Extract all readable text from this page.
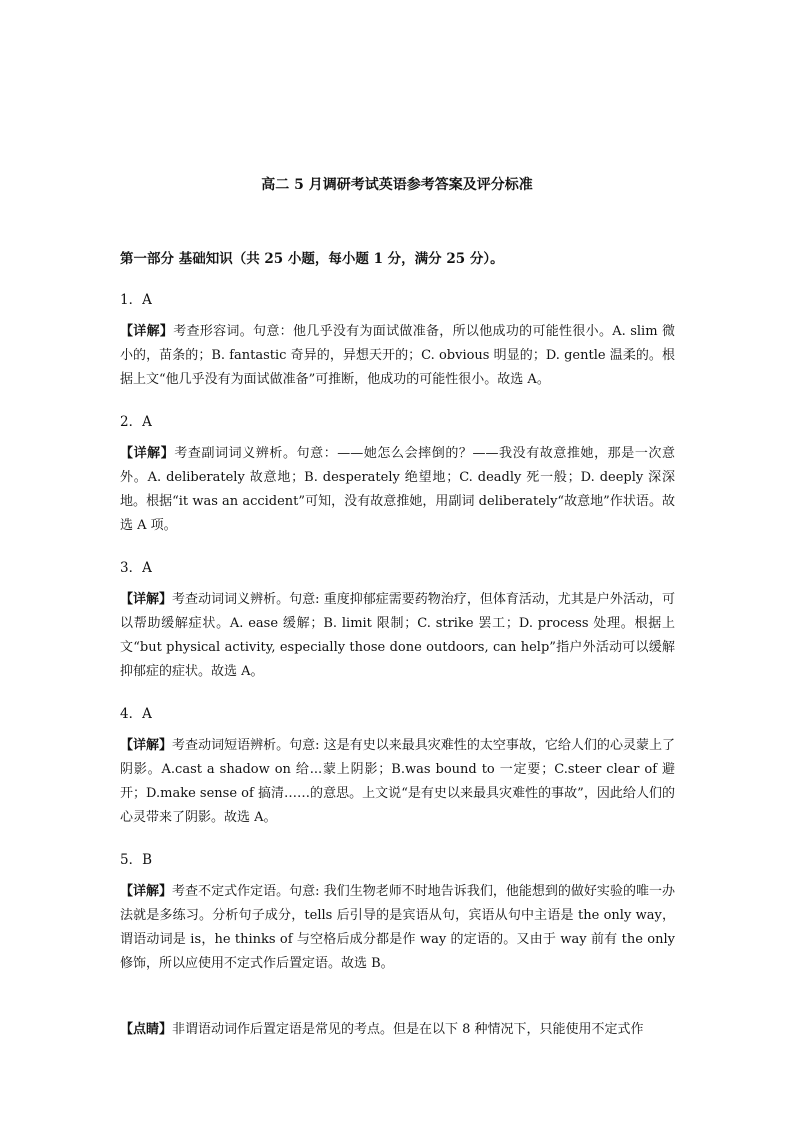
高二 5 月调研考试英语参考答案及评分标准
第一部分 基础知识（共 25 小题，每小题 1 分，满分 25 分）。
1．A
【详解】考查形容词。句意：他几乎没有为面试做准备，所以他成功的可能性很小。A. slim 微小的，苗条的；B. fantastic 奇异的，异想天开的；C. obvious 明显的；D. gentle 温柔的。根据上文“他几乎没有为面试做准备”可推断，他成功的可能性很小。故选 A。
2．A
【详解】考查副词词义辨析。句意：——她怎么会摔倒的？——我没有故意推她，那是一次意外。A. deliberately 故意地；B. desperately 绝望地；C. deadly 死一般；D. deeply 深深地。根据“it was an accident”可知，没有故意推她，用副词 deliberately“故意地”作状语。故选 A 项。
3．A
【详解】考查动词词义辨析。句意: 重度抑郁症需要药物治疗，但体育活动，尤其是户外活动，可以帮助缓解症状。A. ease 缓解；B. limit 限制；C. strike 罢工；D. process 处理。根据上文“but physical activity, especially those done outdoors, can help”指户外活动可以缓解抑郁症的症状。故选 A。
4．A
【详解】考查动词短语辨析。句意: 这是有史以来最具灾难性的太空事故，它给人们的心灵蒙上了阴影。A.cast a shadow on 给...蒙上阴影；B.was bound to 一定要；C.steer clear of 避开；D.make sense of 搞清……的意思。上文说“是有史以来最具灾难性的事故”，因此给人们的心灵带来了阴影。故选 A。
5．B
【详解】考查不定式作定语。句意: 我们生物老师不时地告诉我们，他能想到的做好实验的唯一办法就是多练习。分析句子成分，tells 后引导的是宾语从句，宾语从句中主语是 the only way，谓语动词是 is，he thinks of 与空格后成分都是作 way 的定语的。又由于 way 前有 the only 修饰，所以应使用不定式作后置定语。故选 B。
【点睛】非谓语动词作后置定语是常见的考点。但是在以下 8 种情况下，只能使用不定式作
